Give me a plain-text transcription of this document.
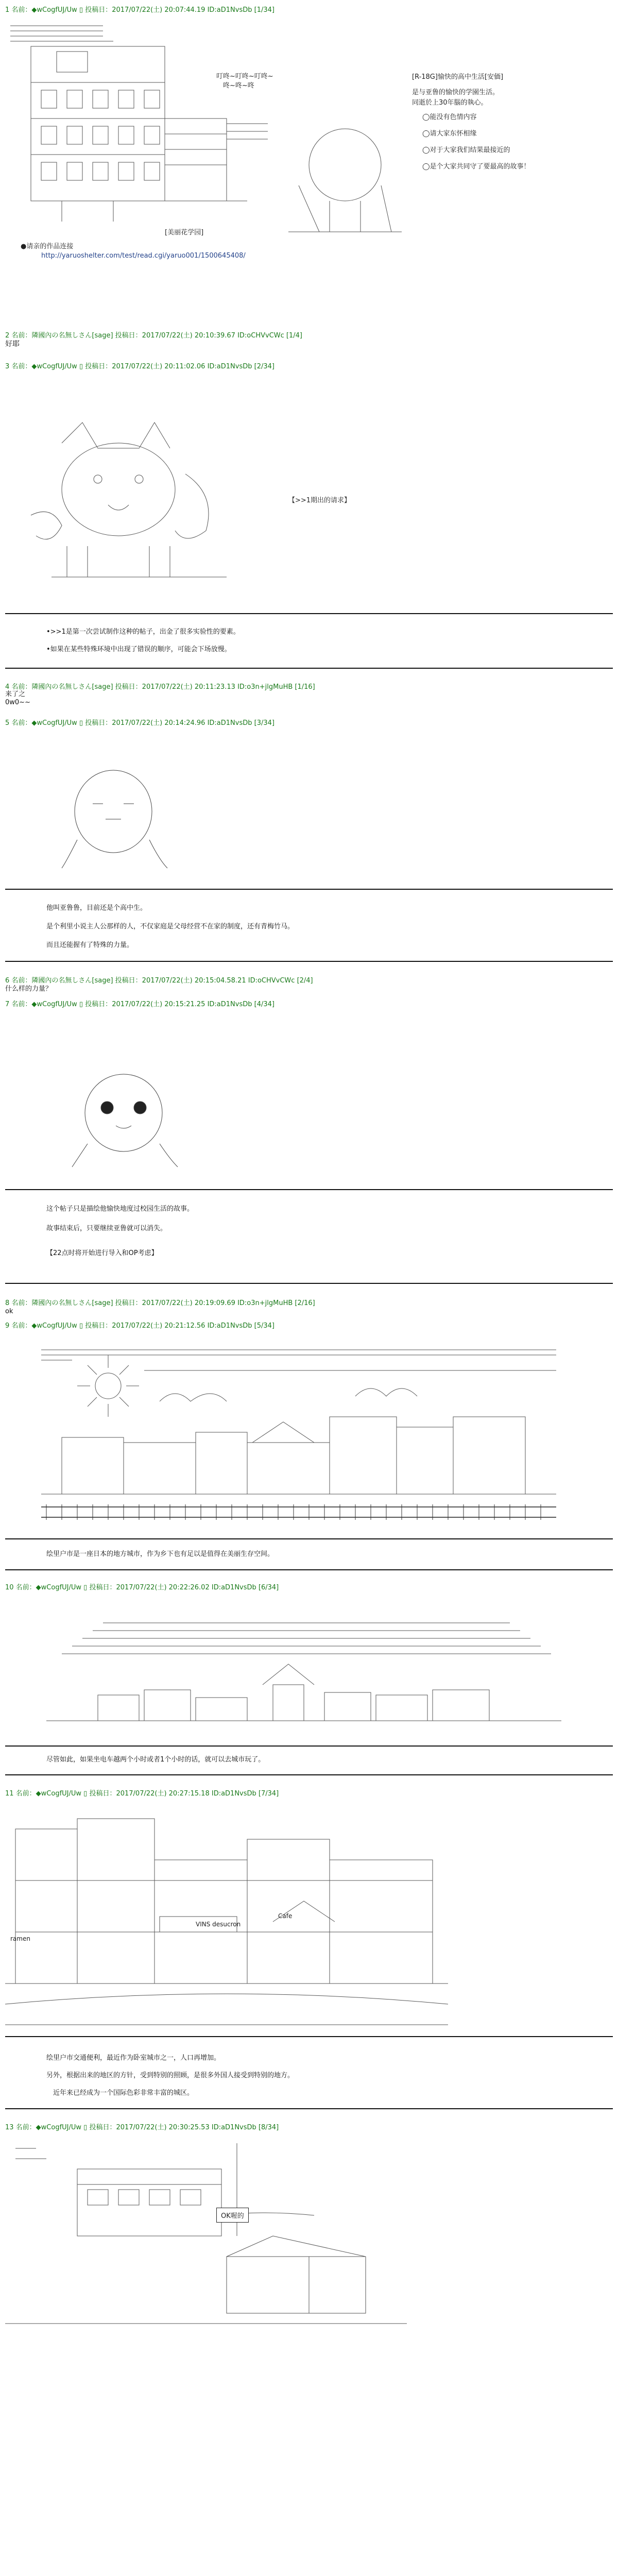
1 名前：◆wCogfUJ/Uw ▯ 投稿日：2017/07/22(土) 20:07:44.19 ID:aD1NvsDb [1/34]
叮咚~叮咚~叮咚~
　咚~咚~咚
[美丽花学园]
●请亲的作品连接
http://yaruoshelter.com/test/read.cgi/yaruo001/1500645408/
[R-18G]愉快的高中生活[安価]
是与亚鲁的愉快的学園生活。
同逝於上30年腦的執心。
◯能没有色情内容
◯请大家东怀相缘
◯对于大家我们结果最接近的
◯是个大家共同守了要最高的故事！
2 名前：隣國內の名無しさん[sage] 投稿日：2017/07/22(土) 20:10:39.67 ID:oCHVvCWc [1/4]
好耶
3 名前：◆wCogfUJ/Uw ▯ 投稿日：2017/07/22(土) 20:11:02.06 ID:aD1NvsDb [2/34]
【>>1期出的请求】
•>>1是第一次尝试制作这种的帖子，出金了很多实验性的要素。
•如果在某些特殊环境中出现了错误的顺序，可能会下场放慢。
4 名前：隣國內の名無しさん[sage] 投稿日：2017/07/22(土) 20:11:23.13 ID:o3n+jlgMuHB [1/16]
来了之
0w0~~
5 名前：◆wCogfUJ/Uw ▯ 投稿日：2017/07/22(土) 20:14:24.96 ID:aD1NvsDb [3/34]
他叫亚鲁鲁，目前还是个高中生。
是个利里小说主人公那样的人，不仅家庭是父母经营不在家的制度，还有青梅竹马。
而且还能握有了特殊的力量。
6 名前：隣國內の名無しさん[sage] 投稿日：2017/07/22(土) 20:15:04.58.21 ID:oCHVvCWc [2/4]
什么样的力量？
7 名前：◆wCogfUJ/Uw ▯ 投稿日：2017/07/22(土) 20:15:21.25 ID:aD1NvsDb [4/34]
这个帖子只是描绘他愉快地度过校园生活的故事。
故事结束后，只要继续亚鲁就可以消失。
【22点时将开始进行导入和OP考虑】
8 名前：隣國內の名無しさん[sage] 投稿日：2017/07/22(土) 20:19:09.69 ID:o3n+jlgMuHB [2/16]
ok
9 名前：◆wCogfUJ/Uw ▯ 投稿日：2017/07/22(土) 20:21:12.56 ID:aD1NvsDb [5/34]
绘里户市是一座日本的地方城市，作为乡下也有足以是值得在美丽生存空间。
10 名前：◆wCogfUJ/Uw ▯ 投稿日：2017/07/22(土) 20:22:26.02 ID:aD1NvsDb [6/34]
尽管如此，如果坐电车越两个小时或者1个小时的话，就可以去城市玩了。
11 名前：◆wCogfUJ/Uw ▯ 投稿日：2017/07/22(土) 20:27:15.18 ID:aD1NvsDb [7/34]
VINS desucron
Cafe
ramen
绘里户市交通便利，最近作为卧室城市之一，人口再增加。
另外，根据出来的地区的方针，受到特别的照顾，是很多外国人接受到特别的地方。
　近年来已经成为一个国际色彩非常丰富的城区。
13 名前：◆wCogfUJ/Uw ▯ 投稿日：2017/07/22(土) 20:30:25.53 ID:aD1NvsDb [8/34]
OK喔的
